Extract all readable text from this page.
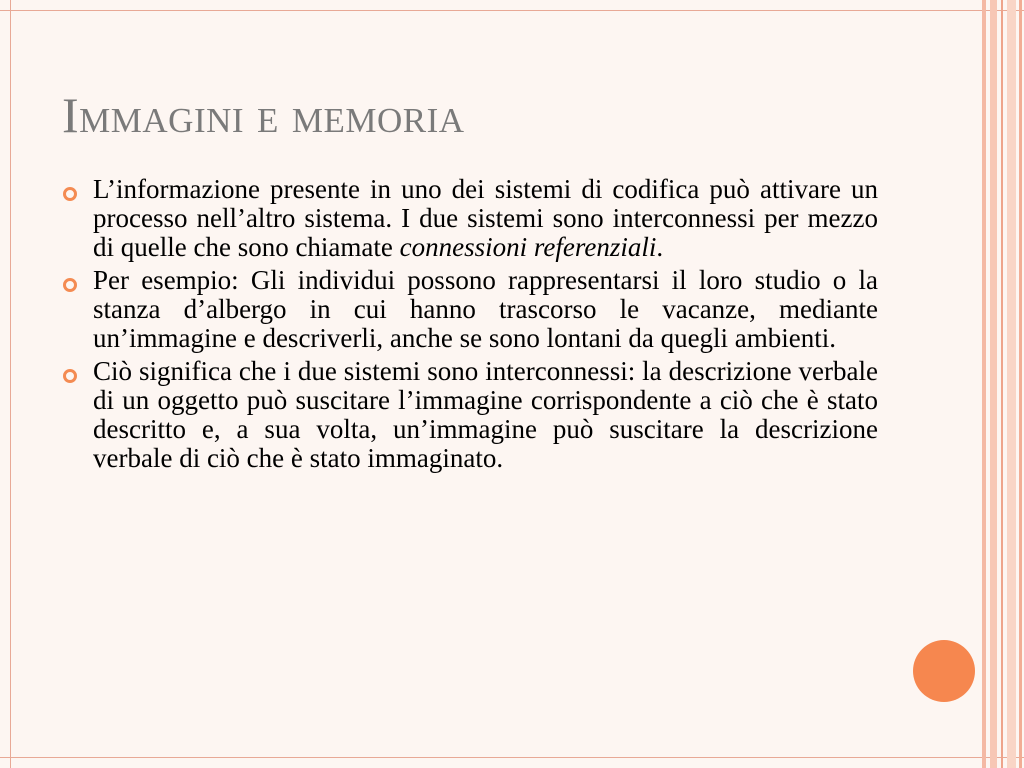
Immagini e memoria
L’informazione presente in uno dei sistemi di codifica può attivare un processo nell’altro sistema. I due sistemi sono interconnessi per mezzo di quelle che sono chiamate connessioni referenziali.
Per esempio: Gli individui possono rappresentarsi il loro studio o la stanza d’albergo in cui hanno trascorso le vacanze, mediante un’immagine e descriverli, anche se sono lontani da quegli ambienti.
Ciò significa che i due sistemi sono interconnessi: la descrizione verbale di un oggetto può suscitare l’immagine corrispondente a ciò che è stato descritto e, a sua volta, un’immagine può suscitare la descrizione verbale di ciò che è stato immaginato.
